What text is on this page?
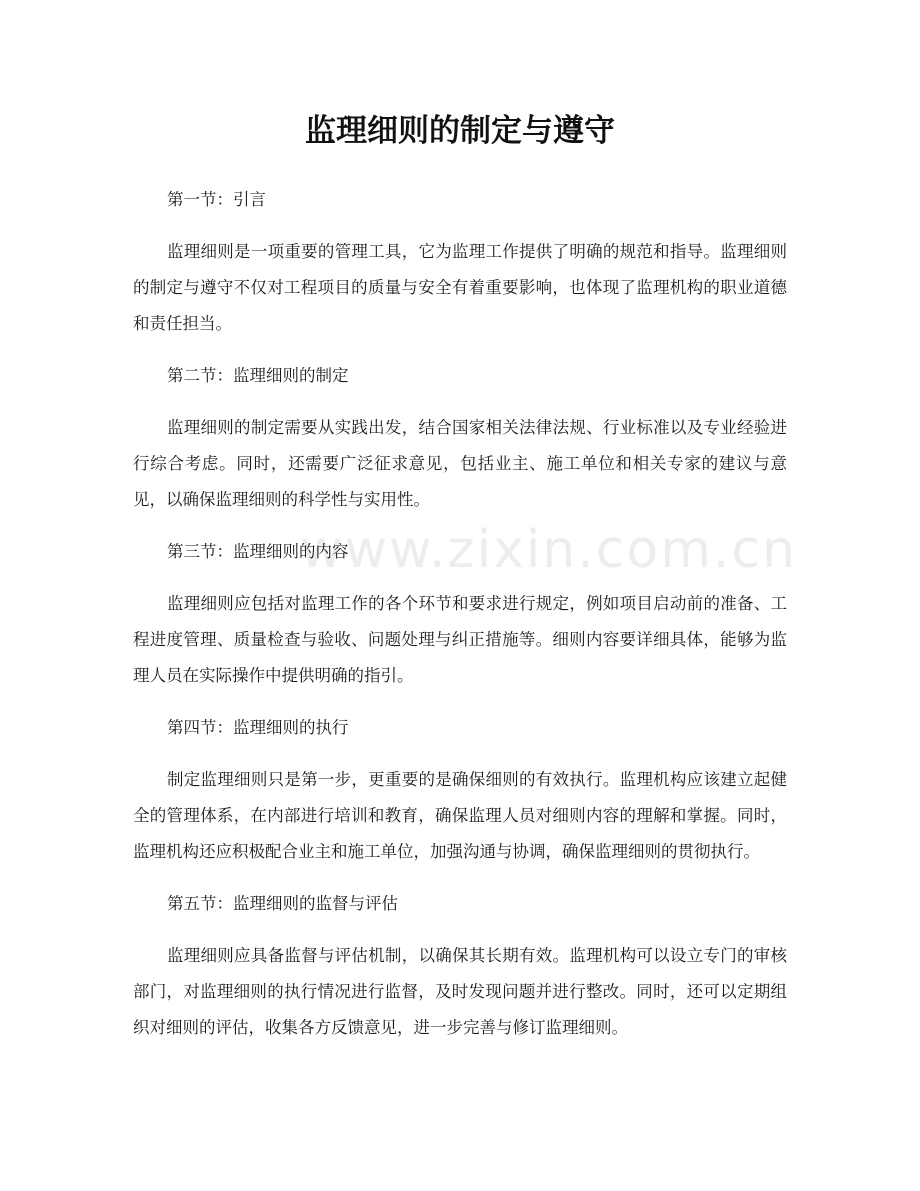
监理细则的制定与遵守
www.zixin.com.cn

第一节：引言

监理细则是一项重要的管理工具，它为监理工作提供了明确的规范和指导。监理细则的制定与遵守不仅对工程项目的质量与安全有着重要影响，也体现了监理机构的职业道德和责任担当。

第二节：监理细则的制定

监理细则的制定需要从实践出发，结合国家相关法律法规、行业标准以及专业经验进行综合考虑。同时，还需要广泛征求意见，包括业主、施工单位和相关专家的建议与意见，以确保监理细则的科学性与实用性。

第三节：监理细则的内容

监理细则应包括对监理工作的各个环节和要求进行规定，例如项目启动前的准备、工程进度管理、质量检查与验收、问题处理与纠正措施等。细则内容要详细具体，能够为监理人员在实际操作中提供明确的指引。

第四节：监理细则的执行

制定监理细则只是第一步，更重要的是确保细则的有效执行。监理机构应该建立起健全的管理体系，在内部进行培训和教育，确保监理人员对细则内容的理解和掌握。同时，监理机构还应积极配合业主和施工单位，加强沟通与协调，确保监理细则的贯彻执行。

第五节：监理细则的监督与评估

监理细则应具备监督与评估机制，以确保其长期有效。监理机构可以设立专门的审核部门，对监理细则的执行情况进行监督，及时发现问题并进行整改。同时，还可以定期组织对细则的评估，收集各方反馈意见，进一步完善与修订监理细则。
